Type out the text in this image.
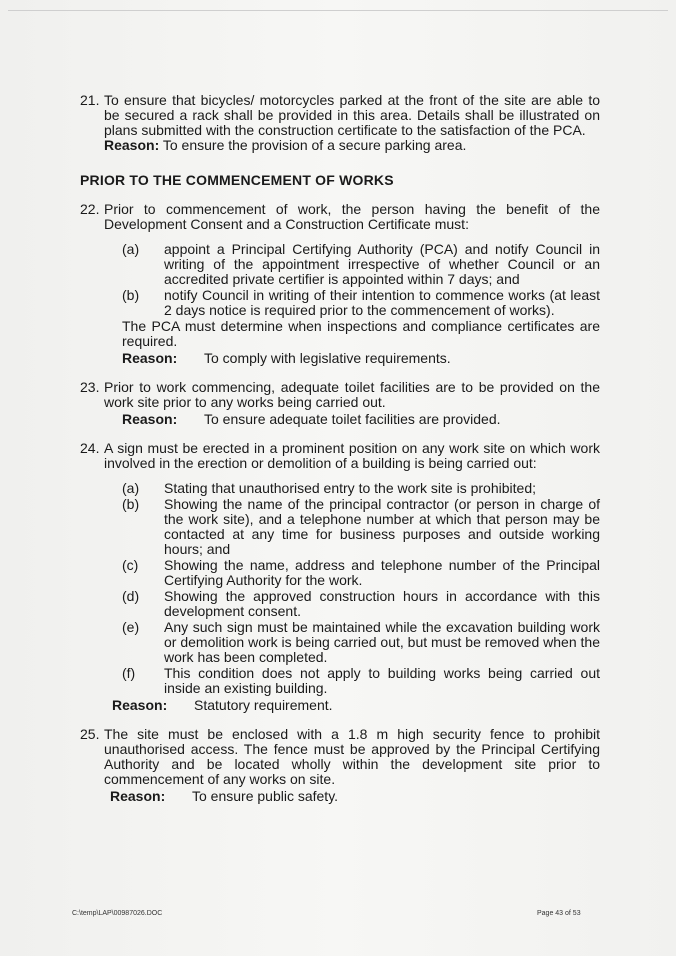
21. To ensure that bicycles/ motorcycles parked at the front of the site are able to be secured a rack shall be provided in this area. Details shall be illustrated on plans submitted with the construction certificate to the satisfaction of the PCA.
Reason: To ensure the provision of a secure parking area.
PRIOR TO THE COMMENCEMENT OF WORKS
22. Prior to commencement of work, the person having the benefit of the Development Consent and a Construction Certificate must:
(a) appoint a Principal Certifying Authority (PCA) and notify Council in writing of the appointment irrespective of whether Council or an accredited private certifier is appointed within 7 days; and
(b) notify Council in writing of their intention to commence works (at least 2 days notice is required prior to the commencement of works).
The PCA must determine when inspections and compliance certificates are required.
Reason:	To comply with legislative requirements.
23. Prior to work commencing, adequate toilet facilities are to be provided on the work site prior to any works being carried out.
Reason:	To ensure adequate toilet facilities are provided.
24. A sign must be erected in a prominent position on any work site on which work involved in the erection or demolition of a building is being carried out:
(a) Stating that unauthorised entry to the work site is prohibited;
(b) Showing the name of the principal contractor (or person in charge of the work site), and a telephone number at which that person may be contacted at any time for business purposes and outside working hours; and
(c) Showing the name, address and telephone number of the Principal Certifying Authority for the work.
(d) Showing the approved construction hours in accordance with this development consent.
(e) Any such sign must be maintained while the excavation building work or demolition work is being carried out, but must be removed when the work has been completed.
(f) This condition does not apply to building works being carried out inside an existing building.
Reason:	Statutory requirement.
25. The site must be enclosed with a 1.8 m high security fence to prohibit unauthorised access. The fence must be approved by the Principal Certifying Authority and be located wholly within the development site prior to commencement of any works on site.
Reason:	To ensure public safety.
C:\temp\LAP\00987026.DOC	Page 43 of 53
